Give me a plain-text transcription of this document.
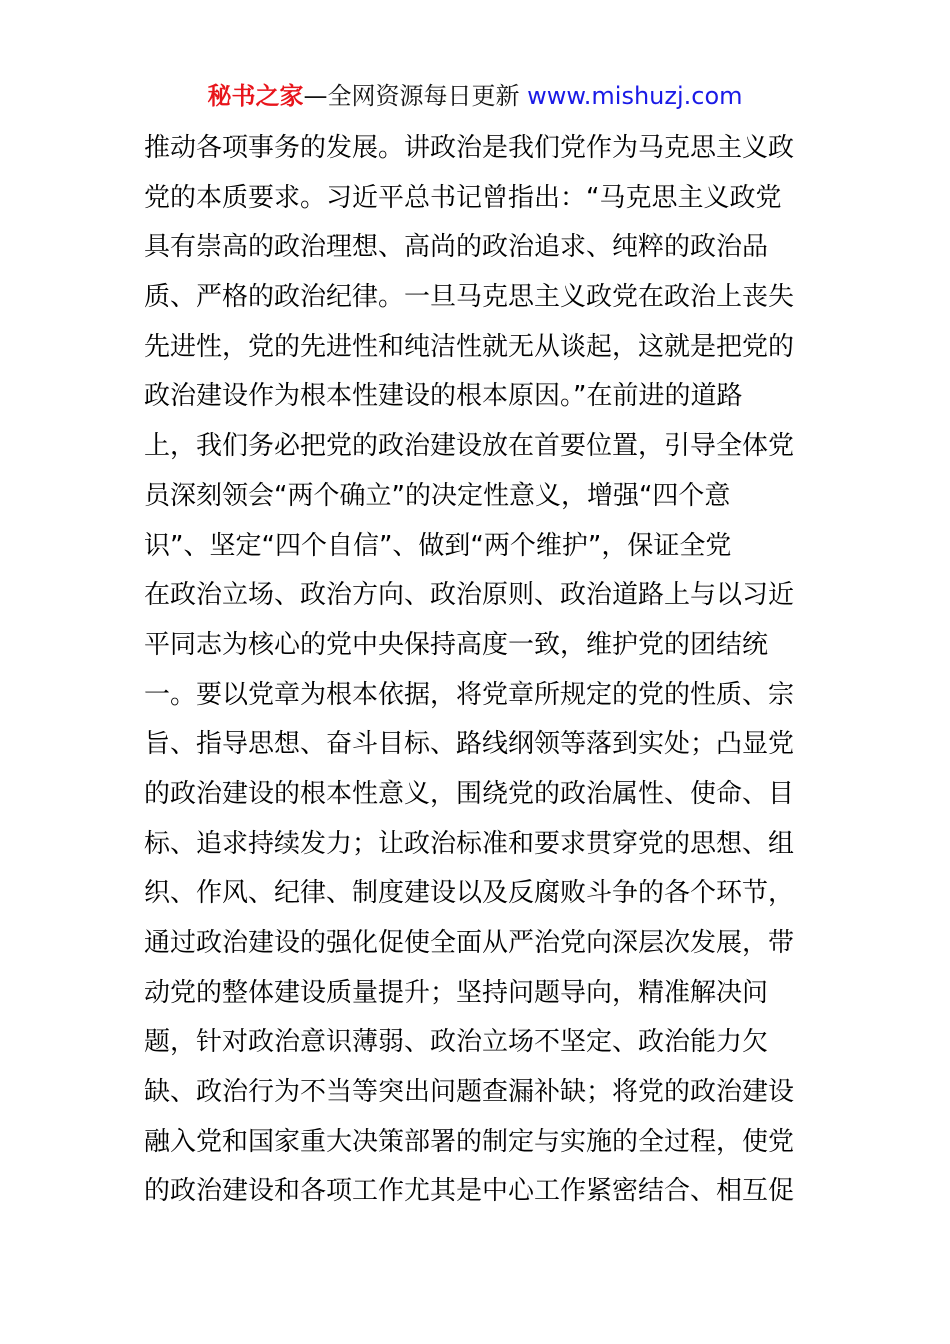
秘书之家—全网资源每日更新 www.mishuzj.com
推动各项事务的发展。讲政治是我们党作为马克思主义政
党的本质要求。习近平总书记曾指出：“马克思主义政党
具有崇高的政治理想、高尚的政治追求、纯粹的政治品
质、严格的政治纪律。一旦马克思主义政党在政治上丧失
先进性，党的先进性和纯洁性就无从谈起，这就是把党的
政治建设作为根本性建设的根本原因。”在前进的道路
上，我们务必把党的政治建设放在首要位置，引导全体党
员深刻领会“两个确立”的决定性意义，增强“四个意
识”、坚定“四个自信”、做到“两个维护”，保证全党
在政治立场、政治方向、政治原则、政治道路上与以习近
平同志为核心的党中央保持高度一致，维护党的团结统
一。要以党章为根本依据，将党章所规定的党的性质、宗
旨、指导思想、奋斗目标、路线纲领等落到实处；凸显党
的政治建设的根本性意义，围绕党的政治属性、使命、目
标、追求持续发力；让政治标准和要求贯穿党的思想、组
织、作风、纪律、制度建设以及反腐败斗争的各个环节，
通过政治建设的强化促使全面从严治党向深层次发展，带
动党的整体建设质量提升；坚持问题导向，精准解决问
题，针对政治意识薄弱、政治立场不坚定、政治能力欠
缺、政治行为不当等突出问题查漏补缺；将党的政治建设
融入党和国家重大决策部署的制定与实施的全过程，使党
的政治建设和各项工作尤其是中心工作紧密结合、相互促
